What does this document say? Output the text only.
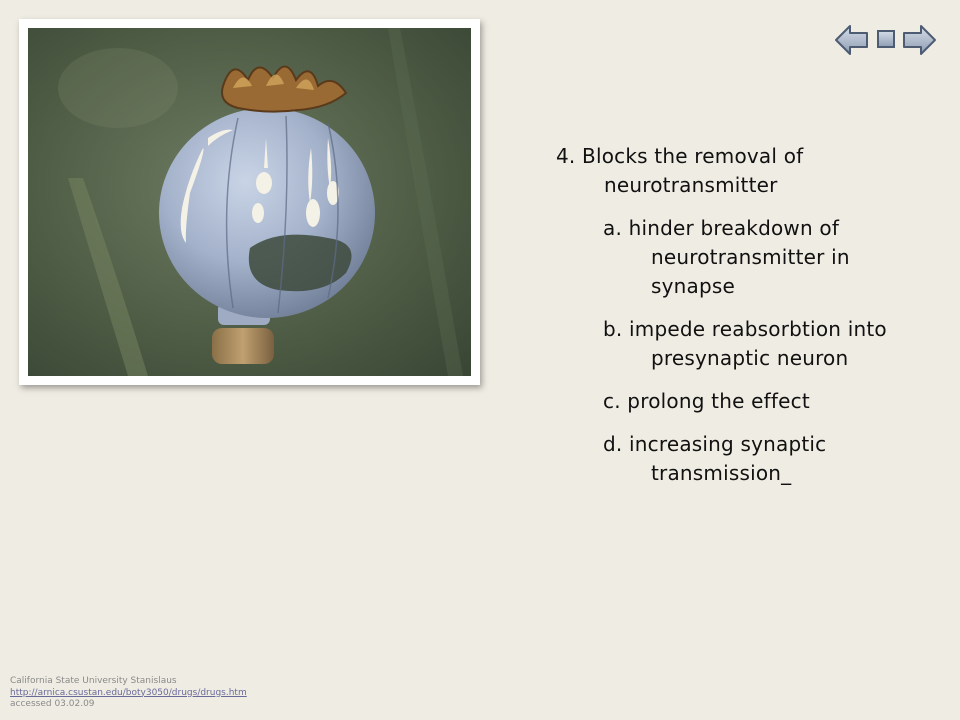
4. Blocks the removal of neurotransmitter
a. hinder breakdown of neurotransmitter in synapse
b. impede reabsorbtion into presynaptic neuron
c. prolong the effect
d. increasing synaptic transmission_
California State University Stanislaus
http://arnica.csustan.edu/boty3050/drugs/drugs.htm
accessed 03.02.09
